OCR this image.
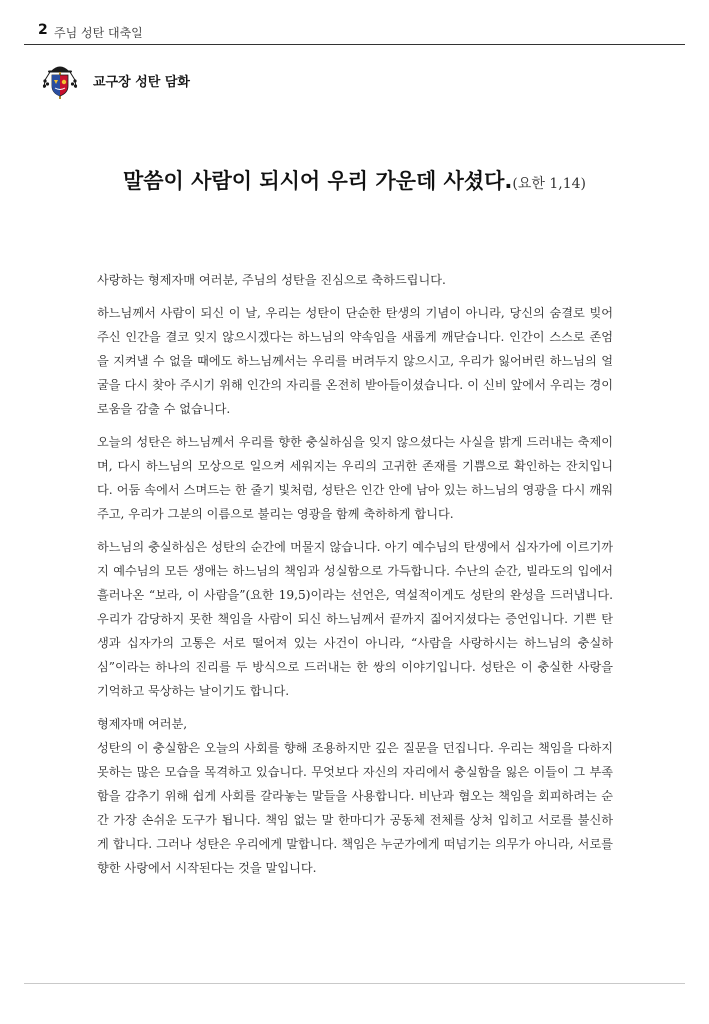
2 주님 성탄 대축일
교구장 성탄 담화
말씀이 사람이 되시어 우리 가운데 사셨다.(요한 1,14)

사랑하는 형제자매 여러분, 주님의 성탄을 진심으로 축하드립니다.

하느님께서 사람이 되신 이 날, 우리는 성탄이 단순한 탄생의 기념이 아니라, 당신의 숨결로 빚어 주신 인간을 결코 잊지 않으시겠다는 하느님의 약속임을 새롭게 깨닫습니다. 인간이 스스로 존엄을 지켜낼 수 없을 때에도 하느님께서는 우리를 버려두지 않으시고, 우리가 잃어버린 하느님의 얼굴을 다시 찾아 주시기 위해 인간의 자리를 온전히 받아들이셨습니다. 이 신비 앞에서 우리는 경이로움을 감출 수 없습니다.

오늘의 성탄은 하느님께서 우리를 향한 충실하심을 잊지 않으셨다는 사실을 밝게 드러내는 축제이며, 다시 하느님의 모상으로 일으켜 세워지는 우리의 고귀한 존재를 기쁨으로 확인하는 잔치입니다. 어둠 속에서 스며드는 한 줄기 빛처럼, 성탄은 인간 안에 남아 있는 하느님의 영광을 다시 깨워 주고, 우리가 그분의 이름으로 불리는 영광을 함께 축하하게 합니다.

하느님의 충실하심은 성탄의 순간에 머물지 않습니다. 아기 예수님의 탄생에서 십자가에 이르기까지 예수님의 모든 생애는 하느님의 책임과 성실함으로 가득합니다. 수난의 순간, 빌라도의 입에서 흘러나온 “보라, 이 사람을”(요한 19,5)이라는 선언은, 역설적이게도 성탄의 완성을 드러냅니다. 우리가 감당하지 못한 책임을 사람이 되신 하느님께서 끝까지 짊어지셨다는 증언입니다. 기쁜 탄생과 십자가의 고통은 서로 떨어져 있는 사건이 아니라, “사람을 사랑하시는 하느님의 충실하심”이라는 하나의 진리를 두 방식으로 드러내는 한 쌍의 이야기입니다. 성탄은 이 충실한 사랑을 기억하고 묵상하는 날이기도 합니다.

형제자매 여러분,

성탄의 이 충실함은 오늘의 사회를 향해 조용하지만 깊은 질문을 던집니다. 우리는 책임을 다하지 못하는 많은 모습을 목격하고 있습니다. 무엇보다 자신의 자리에서 충실함을 잃은 이들이 그 부족함을 감추기 위해 쉽게 사회를 갈라놓는 말들을 사용합니다. 비난과 혐오는 책임을 회피하려는 순간 가장 손쉬운 도구가 됩니다. 책임 없는 말 한마디가 공동체 전체를 상처 입히고 서로를 불신하게 합니다. 그러나 성탄은 우리에게 말합니다. 책임은 누군가에게 떠넘기는 의무가 아니라, 서로를 향한 사랑에서 시작된다는 것을 말입니다.
